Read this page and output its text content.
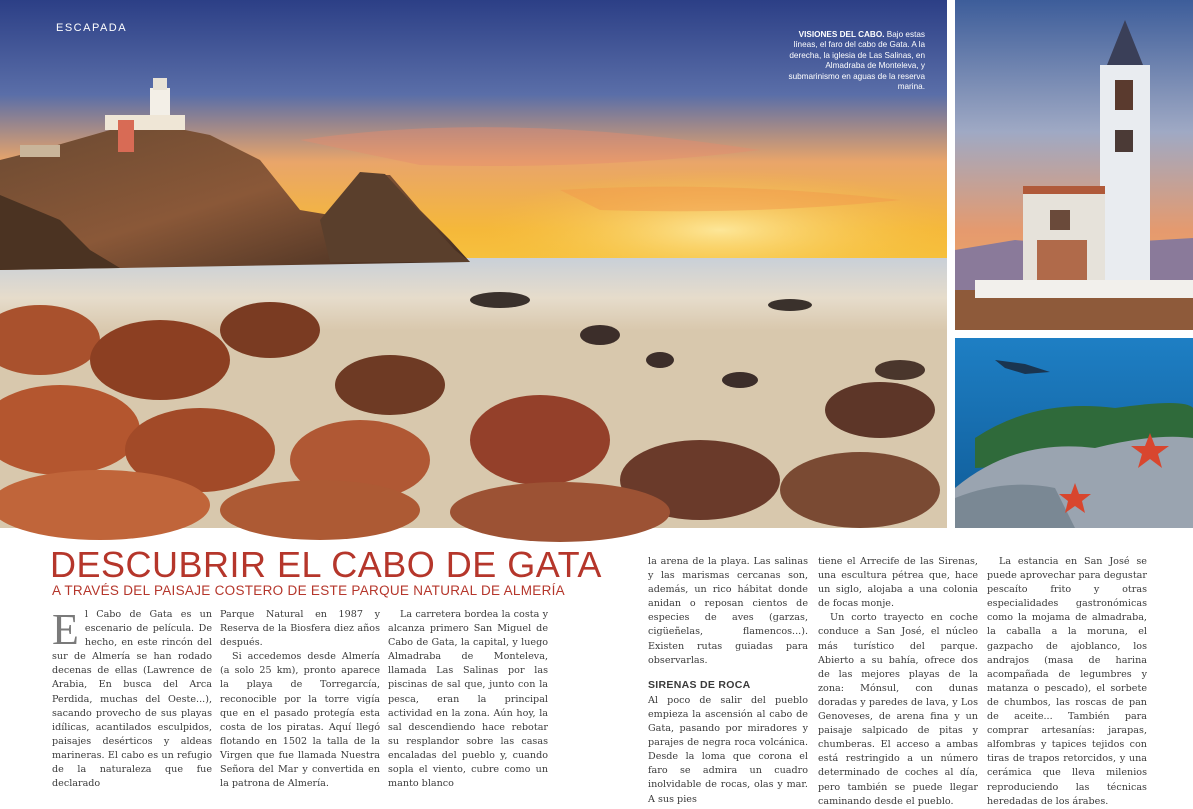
ESCAPADA
VISIONES DEL CABO. Bajo estas líneas, el faro del cabo de Gata. A la derecha, la iglesia de Las Salinas, en Almadraba de Monteleva, y submarinismo en aguas de la reserva marina.
DESCUBRIR EL CABO DE GATA
A TRAVÉS DEL PAISAJE COSTERO DE ESTE PARQUE NATURAL DE ALMERÍA

El Cabo de Gata es un escenario de película. De hecho, en este rincón del sur de Almería se han rodado decenas de ellas (Lawrence de Arabia, En busca del Arca Perdida, muchas del Oeste...), sacando provecho de sus playas idílicas, acantilados esculpidos, paisajes desérticos y aldeas marineras. El cabo es un refugio de la naturaleza que fue declarado

Parque Natural en 1987 y Reserva de la Biosfera diez años después.

Si accedemos desde Almería (a solo 25 km), pronto aparece la playa de Torregarcía, reconocible por la torre vigía que en el pasado protegía esta costa de los piratas. Aquí llegó flotando en 1502 la talla de la Virgen que fue llamada Nuestra Señora del Mar y convertida en la patrona de Almería.

La carretera bordea la costa y alcanza primero San Miguel de Cabo de Gata, la capital, y luego Almadraba de Monteleva, llamada Las Salinas por las piscinas de sal que, junto con la pesca, eran la principal actividad en la zona. Aún hoy, la sal descendiendo hace rebotar su resplandor sobre las casas encaladas del pueblo y, cuando sopla el viento, cubre como un manto blanco

la arena de la playa. Las salinas y las marismas cercanas son, además, un rico hábitat donde anidan o reposan cientos de especies de aves (garzas, cigüeñelas, flamencos...). Existen rutas guiadas para observarlas.

SIRENAS DE ROCA

Al poco de salir del pueblo empieza la ascensión al cabo de Gata, pasando por miradores y parajes de negra roca volcánica. Desde la loma que corona el faro se admira un cuadro inolvidable de rocas, olas y mar. A sus pies

tiene el Arrecife de las Sirenas, una escultura pétrea que, hace un siglo, alojaba a una colonia de focas monje.

Un corto trayecto en coche conduce a San José, el núcleo más turístico del parque. Abierto a su bahía, ofrece dos de las mejores playas de la zona: Mónsul, con dunas doradas y paredes de lava, y Los Genoveses, de arena fina y un paisaje salpicado de pitas y chumberas. El acceso a ambas está restringido a un número determinado de coches al día, pero también se puede llegar caminando desde el pueblo.

La estancia en San José se puede aprovechar para degustar pescaíto frito y otras especialidades gastronómicas como la mojama de almadraba, la caballa a la moruna, el gazpacho de ajoblanco, los andrajos (masa de harina acompañada de legumbres y matanza o pescado), el sorbete de chumbos, las roscas de pan de aceite... También para comprar artesanías: jarapas, alfombras y tapices tejidos con tiras de trapos retorcidos, y una cerámica que lleva milenios reproduciendo las técnicas heredadas de los árabes.
